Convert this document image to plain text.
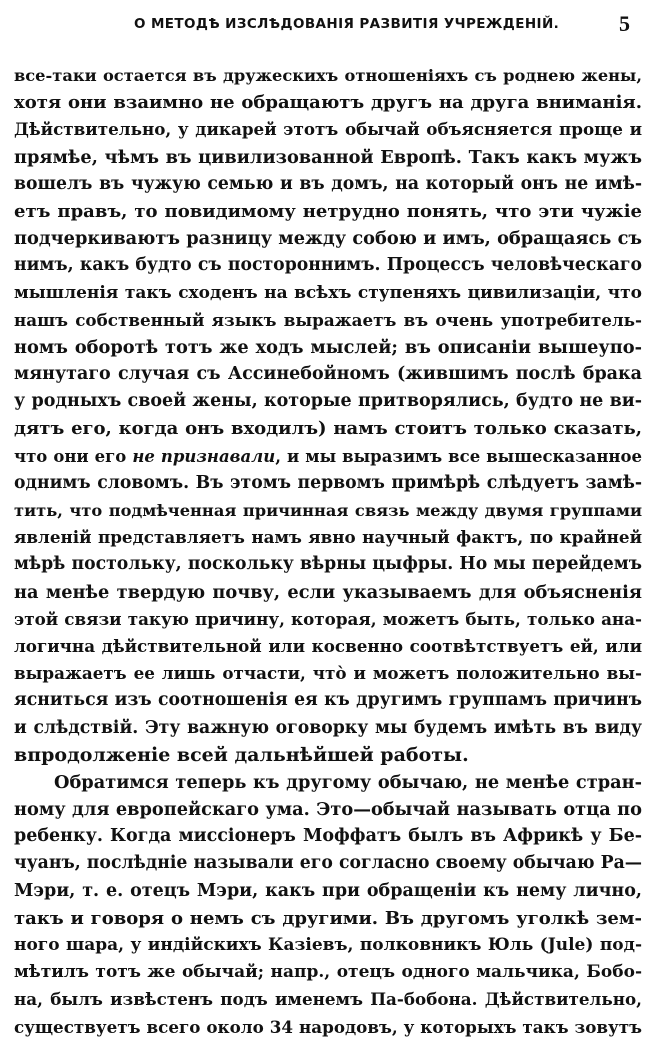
О МЕТОДѢ ИЗСЛѢДОВАНІЯ РАЗВИТІЯ УЧРЕЖДЕНІЙ.	5
все-таки остается въ дружескихъ отношеніяхъ съ роднею жены,
хотя они взаимно не обращаютъ другъ на друга вниманія.
Дѣйствительно, у дикарей этотъ обычай объясняется проще и
прямѣе, чѣмъ въ цивилизованной Европѣ. Такъ какъ мужъ
вошелъ въ чужую семью и въ домъ, на который онъ не имѣ-
етъ правъ, то повидимому нетрудно понять, что эти чужіе
подчеркиваютъ разницу между собою и имъ, обращаясь съ
нимъ, какъ будто съ постороннимъ. Процессъ человѣческаго
мышленія такъ сходенъ на всѣхъ ступеняхъ цивилизаціи, что
нашъ собственный языкъ выражаетъ въ очень употребитель-
номъ оборотѣ тотъ же ходъ мыслей; въ описаніи вышеупо-
мянутаго случая съ Ассинебойномъ (жившимъ послѣ брака
у родныхъ своей жены, которые притворялись, будто не ви-
дятъ его, когда онъ входилъ) намъ стоитъ только сказать,
что они его не признавали, и мы выразимъ все вышесказанное
однимъ словомъ. Въ этомъ первомъ примѣрѣ слѣдуетъ замѣ-
тить, что подмѣченная причинная связь между двумя группами
явленій представляетъ намъ явно научный фактъ, по крайней
мѣрѣ постольку, поскольку вѣрны цыфры. Но мы перейдемъ
на менѣе твердую почву, если указываемъ для объясненія
этой связи такую причину, которая, можетъ быть, только ана-
логична дѣйствительной или косвенно соотвѣтствуетъ ей, или
выражаетъ ее лишь отчасти, что̀ и можетъ положительно вы-
ясниться изъ соотношенія ея къ другимъ группамъ причинъ
и слѣдствій. Эту важную оговорку мы будемъ имѣть въ виду
впродолженіе всей дальнѣйшей работы.
Обратимся теперь къ другому обычаю, не менѣе стран-
ному для европейскаго ума. Это—обычай называть отца по
ребенку. Когда миссіонеръ Моффатъ былъ въ Африкѣ у Бе-
чуанъ, послѣдніе называли его согласно своему обычаю Ра—
Мэри, т. е. отецъ Мэри, какъ при обращеніи къ нему лично,
такъ и говоря о немъ съ другими. Въ другомъ уголкѣ зем-
ного шара, у индійскихъ Казіевъ, полковникъ Юль (Jule) под-
мѣтилъ тотъ же обычай; напр., отецъ одного мальчика, Бобо-
на, былъ извѣстенъ подъ именемъ Па-бобона. Дѣйствительно,
существуетъ всего около 34 народовъ, у которыхъ такъ зовутъ
